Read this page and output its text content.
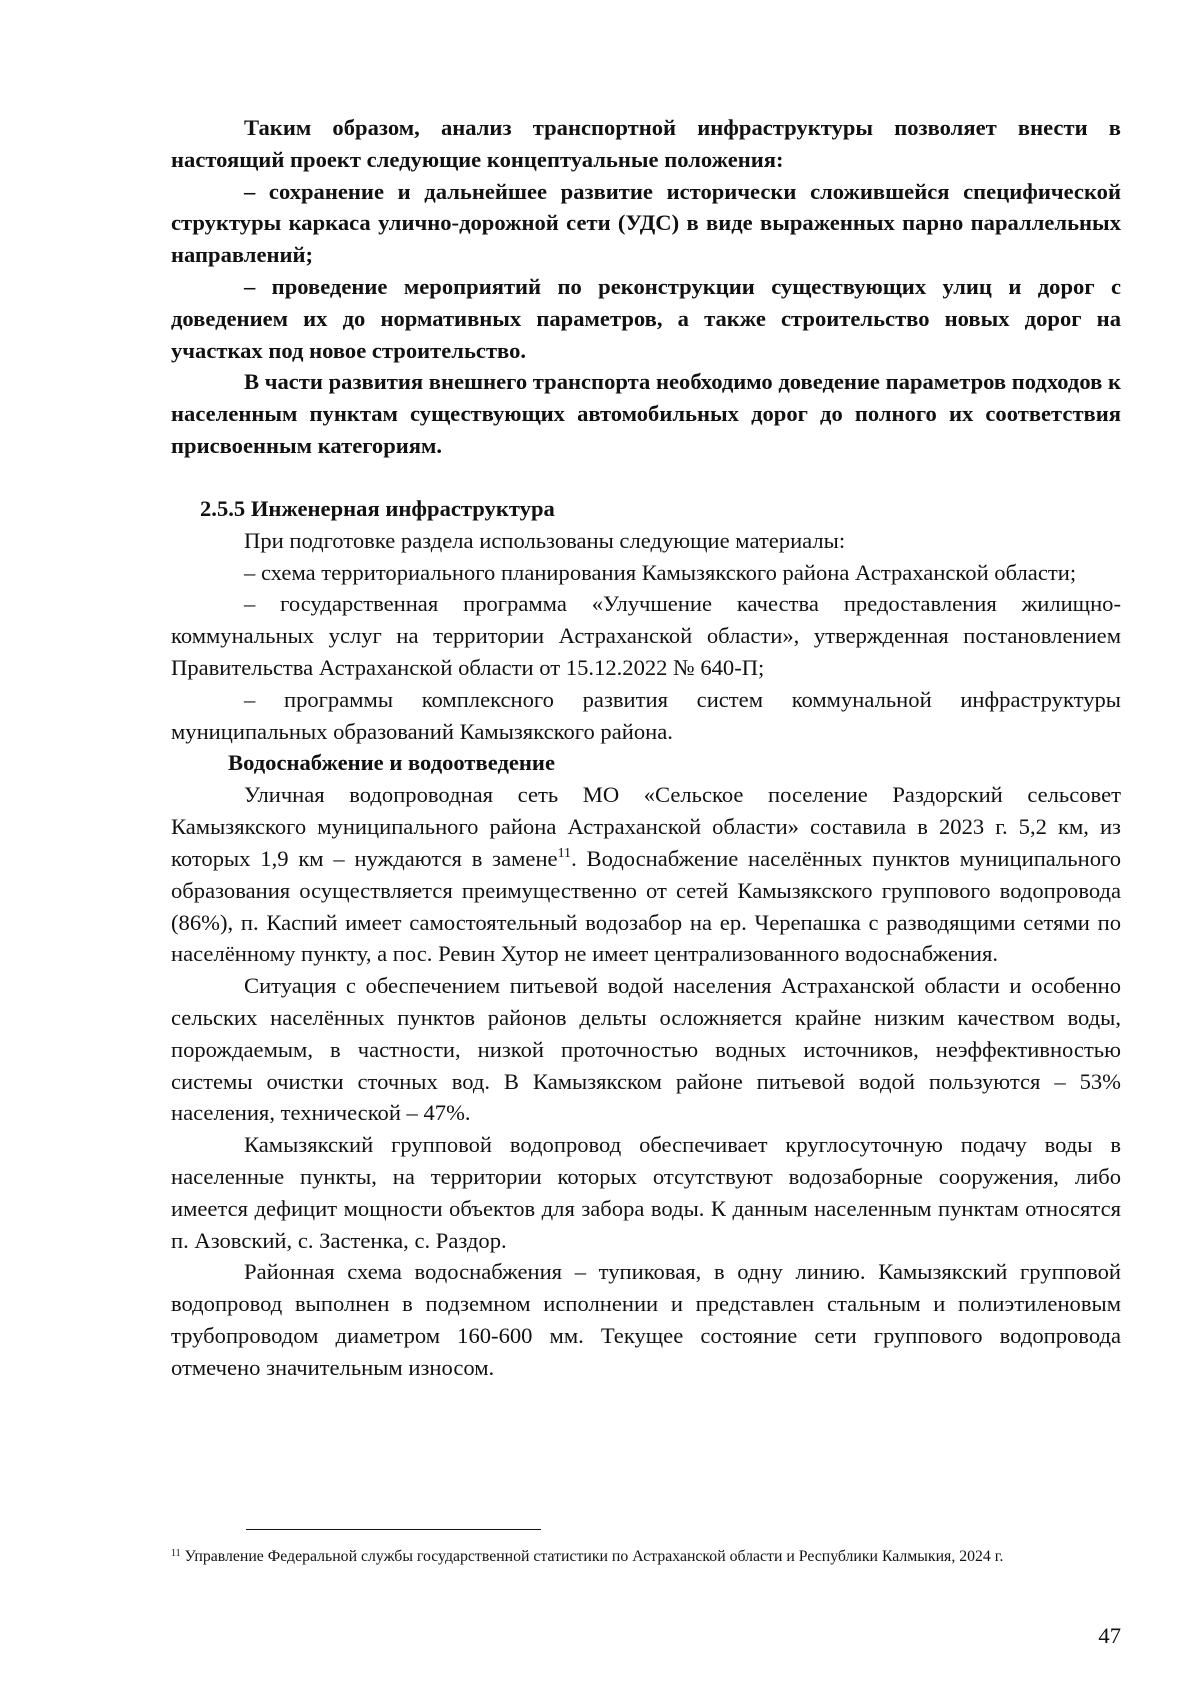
Таким образом, анализ транспортной инфраструктуры позволяет внести в настоящий проект следующие концептуальные положения:

– сохранение и дальнейшее развитие исторически сложившейся специфической структуры каркаса улично-дорожной сети (УДС) в виде выраженных парно параллельных направлений;

– проведение мероприятий по реконструкции существующих улиц и дорог с доведением их до нормативных параметров, а также строительство новых дорог на участках под новое строительство.

В части развития внешнего транспорта необходимо доведение параметров подходов к населенным пунктам существующих автомобильных дорог до полного их соответствия присвоенным категориям.

2.5.5 Инженерная инфраструктура

При подготовке раздела использованы следующие материалы:

– схема территориального планирования Камызякского района Астраханской области;

– государственная программа «Улучшение качества предоставления жилищно-коммунальных услуг на территории Астраханской области», утвержденная постановлением Правительства Астраханской области от 15.12.2022 № 640-П;

– программы комплексного развития систем коммунальной инфраструктуры муниципальных образований Камызякского района.

Водоснабжение и водоотведение

Уличная водопроводная сеть МО «Сельское поселение Раздорский сельсовет Камызякского муниципального района Астраханской области» составила в 2023 г. 5,2 км, из которых 1,9 км – нуждаются в замене$^{11}$. Водоснабжение населённых пунктов муниципального образования осуществляется преимущественно от сетей Камызякского группового водопровода (86%), п. Каспий имеет самостоятельный водозабор на ер. Черепашка с разводящими сетями по населённому пункту, а пос. Ревин Хутор не имеет централизованного водоснабжения.

Ситуация с обеспечением питьевой водой населения Астраханской области и особенно сельских населённых пунктов районов дельты осложняется крайне низким качеством воды, порождаемым, в частности, низкой проточностью водных источников, неэффективностью системы очистки сточных вод. В Камызякском районе питьевой водой пользуются – 53% населения, технической – 47%.

Камызякский групповой водопровод обеспечивает круглосуточную подачу воды в населенные пункты, на территории которых отсутствуют водозаборные сооружения, либо имеется дефицит мощности объектов для забора воды. К данным населенным пунктам относятся п. Азовский, с. Застенка, с. Раздор.

Районная схема водоснабжения – тупиковая, в одну линию. Камызякский групповой водопровод выполнен в подземном исполнении и представлен стальным и полиэтиленовым трубопроводом диаметром 160-600 мм. Текущее состояние сети группового водопровода отмечено значительным износом.

$^{11}$ Управление Федеральной службы государственной статистики по Астраханской области и Республики Калмыкия, 2024 г.
47
